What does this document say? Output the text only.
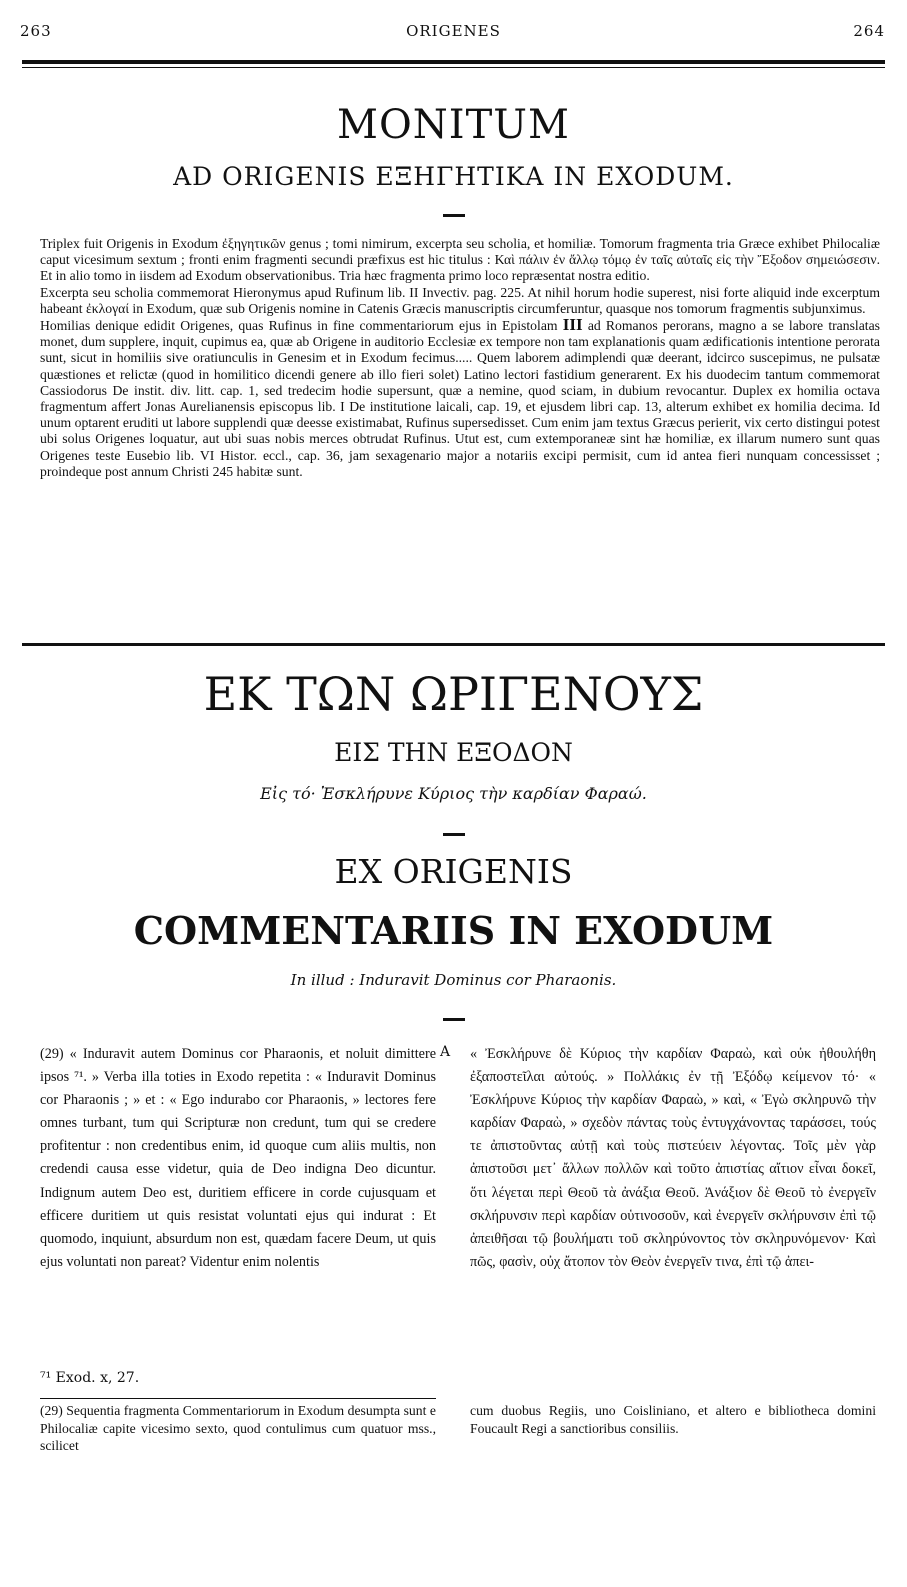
263	ORIGENES	264
MONITUM
AD ORIGENIS ΕΞΗΓΗΤΙΚΑ IN EXODUM.

Triplex fuit Origenis in Exodum ἐξηγητικῶν genus ; tomi nimirum, excerpta seu scholia, et homiliæ. Tomorum fragmenta tria Græce exhibet Philocaliæ caput vicesimum sextum ; fronti enim fragmenti secundi præfixus est hic titulus : Καὶ πάλιν ἐν ἄλλῳ τόμῳ ἐν ταῖς αὐταῖς εἰς τὴν Ἔξοδον σημειώσεσιν. Et in alio tomo in iisdem ad Exodum observationibus. Tria hæc fragmenta primo loco repræsentat nostra editio.

Excerpta seu scholia commemorat Hieronymus apud Rufinum lib. II Invectiv. pag. 225. At nihil horum hodie superest, nisi forte aliquid inde excerptum habeant ἐκλογαί in Exodum, quæ sub Origenis nomine in Catenis Græcis manuscriptis circumferuntur, quasque nos tomorum fragmentis subjunximus.

Homilias denique edidit Origenes, quas Rufinus in fine commentariorum ejus in Epistolam III ad Romanos perorans, magno a se labore translatas monet, dum supplere, inquit, cupimus ea, quæ ab Origene in auditorio Ecclesiæ ex tempore non tam explanationis quam ædificationis intentione perorata sunt, sicut in homiliis sive oratiunculis in Genesim et in Exodum fecimus..... Quem laborem adimplendi quæ deerant, idcirco suscepimus, ne pulsatæ quæstiones et relictæ (quod in homilitico dicendi genere ab illo fieri solet) Latino lectori fastidium generarent. Ex his duodecim tantum commemorat Cassiodorus De instit. div. litt. cap. 1, sed tredecim hodie supersunt, quæ a nemine, quod sciam, in dubium revocantur. Duplex ex homilia octava fragmentum affert Jonas Aurelianensis episcopus lib. I De institutione laicali, cap. 19, et ejusdem libri cap. 13, alterum exhibet ex homilia decima. Id unum optarent eruditi ut labore supplendi quæ deesse existimabat, Rufinus supersedisset. Cum enim jam textus Græcus perierit, vix certo distingui potest ubi solus Origenes loquatur, aut ubi suas nobis merces obtrudat Rufinus. Utut est, cum extemporaneæ sint hæ homiliæ, ex illarum numero sunt quas Origenes teste Eusebio lib. VI Histor. eccl., cap. 36, jam sexagenario major a notariis excipi permisit, cum id antea fieri nunquam concessisset ; proindeque post annum Christi 245 habitæ sunt.

ΕΚ ΤΩΝ ΩΡΙΓΕΝΟΥΣ
ΕΙΣ ΤΗΝ ΕΞΟΔΟΝ
Εἰς τό· Ἐσκλήρυνε Κύριος τὴν καρδίαν Φαραώ.
EX ORIGENIS
COMMENTARIIS IN EXODUM
In illud : Induravit Dominus cor Pharaonis.

(29) « Induravit autem Dominus cor Pharaonis, et noluit dimittere ipsos ⁷¹. » Verba illa toties in Exodo repetita : « Induravit Dominus cor Pharaonis ; » et : « Ego indurabo cor Pharaonis, » lectores fere omnes turbant, tum qui Scripturæ non credunt, tum qui se credere profitentur : non credentibus enim, id quoque cum aliis multis, non credendi causa esse videtur, quia de Deo indigna Deo dicuntur. Indignum autem Deo est, duritiem efficere in corde cujusquam et efficere duritiem ut quis resistat voluntati ejus qui indurat : Et quomodo, inquiunt, absurdum non est, quædam facere Deum, ut quis ejus voluntati non pareat? Videntur enim nolentis

A « Ἐσκλήρυνε δὲ Κύριος τὴν καρδίαν Φαραὼ, καὶ οὐκ ἠθουλήθη ἐξαποστεῖλαι αὐτούς. » Πολλάκις ἐν τῇ Ἐξόδῳ κείμενον τό· « Ἐσκλήρυνε Κύριος τὴν καρδίαν Φαραὼ, » καὶ, « Ἐγὼ σκληρυνῶ τὴν καρδίαν Φαραὼ, » σχεδὸν πάντας τοὺς ἐντυγχάνοντας ταράσσει, τούς τε ἀπιστοῦντας αὐτῇ καὶ τοὺς πιστεύειν λέγοντας. Τοῖς μὲν γὰρ ἀπιστοῦσι μετ᾽ ἄλλων πολλῶν καὶ τοῦτο ἀπιστίας αἴτιον εἶναι δοκεῖ, ὅτι λέγεται περὶ Θεοῦ τὰ ἀνάξια Θεοῦ. Ἀνάξιον δὲ Θεοῦ τὸ ἐνεργεῖν σκλήρυνσιν περὶ καρδίαν οὑτινοσοῦν, καὶ ἐνεργεῖν σκλήρυνσιν ἐπὶ τῷ ἀπειθῆσαι τῷ βουλήματι τοῦ σκληρύνοντος τὸν σκληρυνόμενον· Καὶ πῶς, φασὶν, οὐχ ἄτοπον τὸν Θεὸν ἐνεργεῖν τινα, ἐπὶ τῷ ἀπει-

⁷¹ Exod. x, 27.

(29) Sequentia fragmenta Commentariorum in Exodum desumpta sunt e Philocaliæ capite vicesimo sexto, quod contulimus cum quatuor mss., scilicet

cum duobus Regiis, uno Coisliniano, et altero e bibliotheca domini Foucault Regi a sanctioribus consiliis.
